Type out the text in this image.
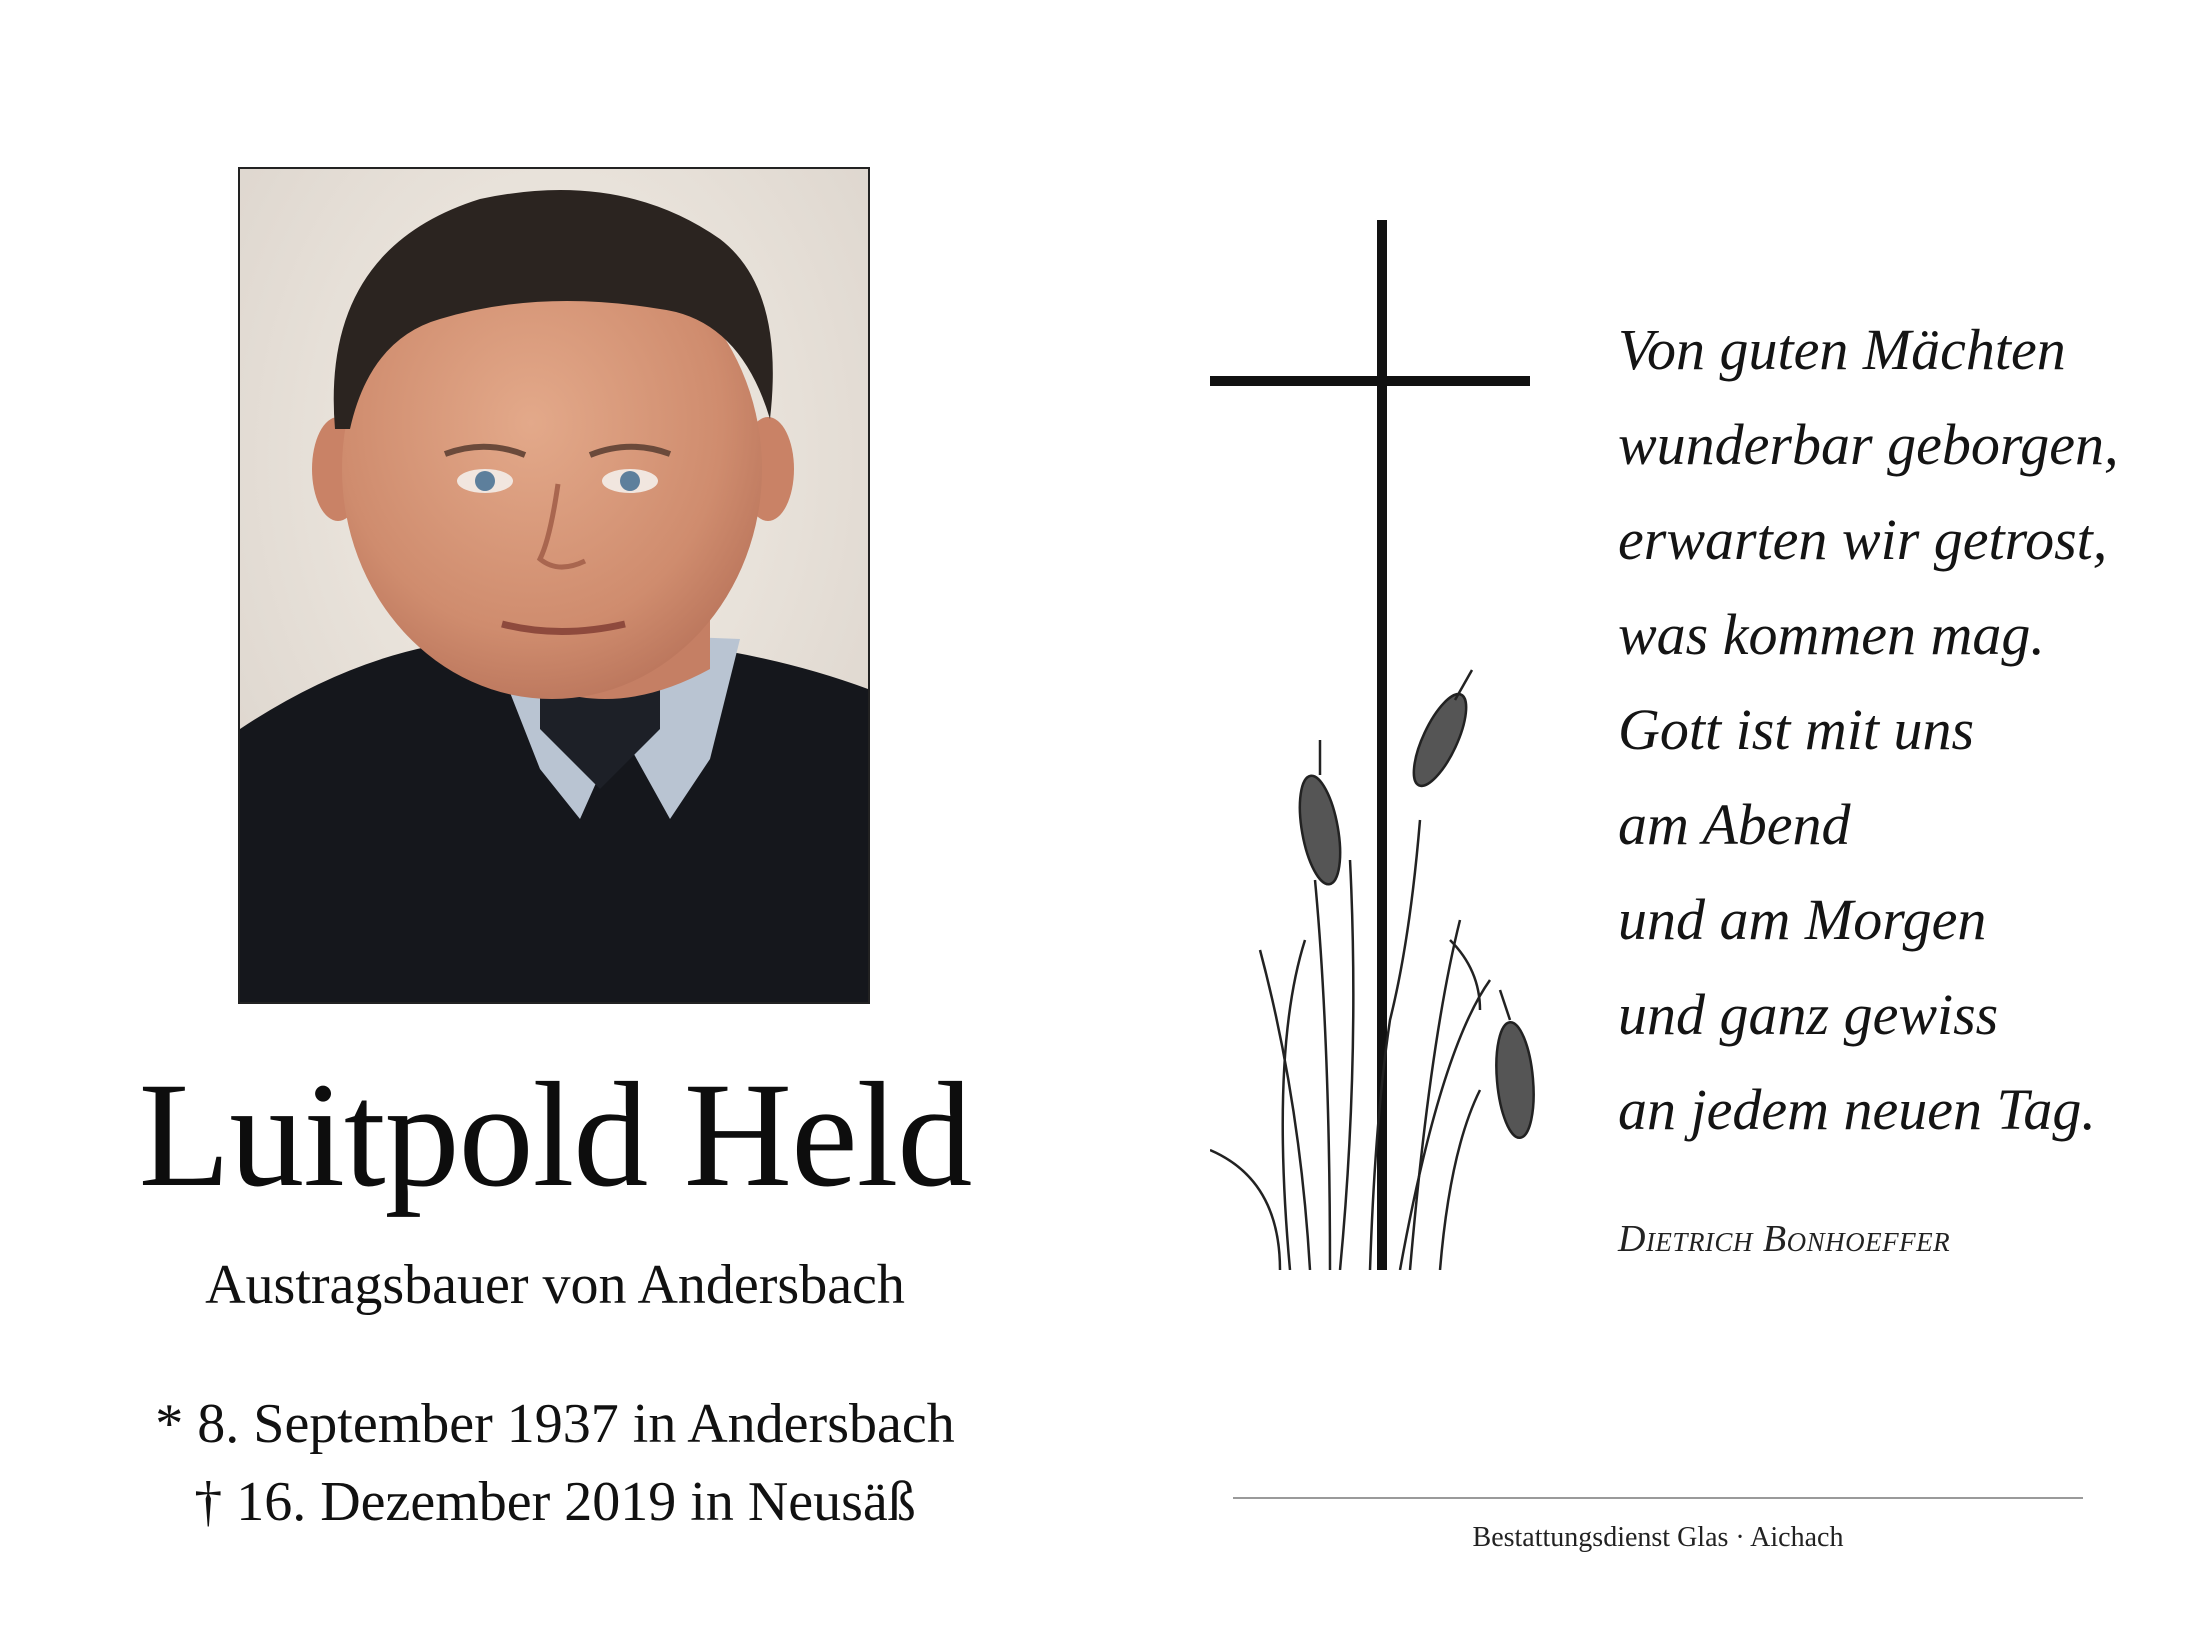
Luitpold Held
Austragsbauer von Andersbach
* 8. September 1937 in Andersbach
† 16. Dezember 2019 in Neusäß
Von guten Mächten
wunderbar geborgen,
erwarten wir getrost,
was kommen mag.
Gott ist mit uns
am Abend
und am Morgen
und ganz gewiss
an jedem neuen Tag.
Dietrich Bonhoeffer
Bestattungsdienst Glas · Aichach
